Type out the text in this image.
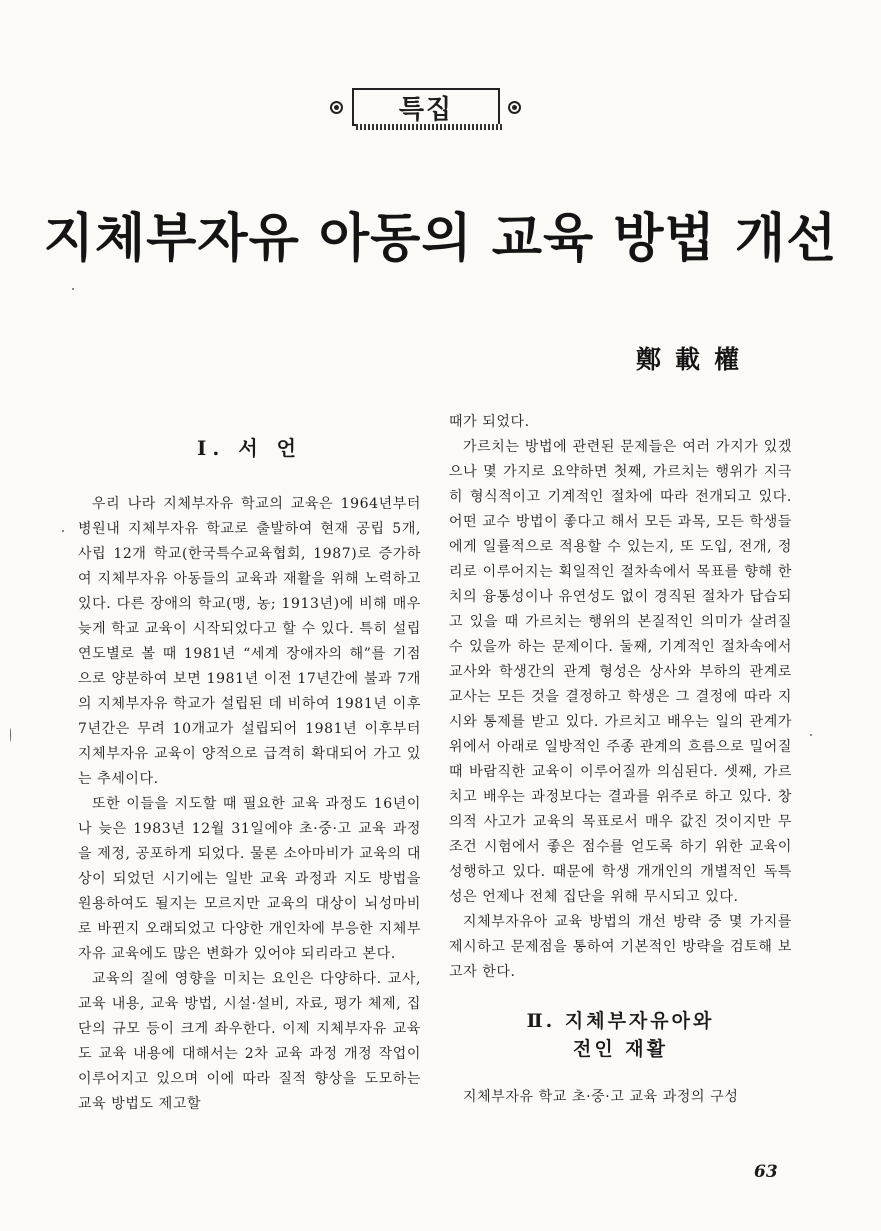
특집
지체부자유 아동의 교육 방법 개선
鄭載權
Ⅰ. 서 언

우리 나라 지체부자유 학교의 교육은 1964년부터 병원내 지체부자유 학교로 출발하여 현재 공립 5개, 사립 12개 학교(한국특수교육협회, 1987)로 증가하여 지체부자유 아동들의 교육과 재활을 위해 노력하고 있다. 다른 장애의 학교(맹, 농; 1913년)에 비해 매우 늦게 학교 교육이 시작되었다고 할 수 있다. 특히 설립 연도별로 볼 때 1981년 “세계 장애자의 해”를 기점으로 양분하여 보면 1981년 이전 17년간에 불과 7개의 지체부자유 학교가 설립된 데 비하여 1981년 이후 7년간은 무려 10개교가 설립되어 1981년 이후부터 지체부자유 교육이 양적으로 급격히 확대되어 가고 있는 추세이다.

또한 이들을 지도할 때 필요한 교육 과정도 16년이나 늦은 1983년 12월 31일에야 초·중·고 교육 과정을 제정, 공포하게 되었다. 물론 소아마비가 교육의 대상이 되었던 시기에는 일반 교육 과정과 지도 방법을 원용하여도 될지는 모르지만 교육의 대상이 뇌성마비로 바뀐지 오래되었고 다양한 개인차에 부응한 지체부자유 교육에도 많은 변화가 있어야 되리라고 본다.

교육의 질에 영향을 미치는 요인은 다양하다. 교사, 교육 내용, 교육 방법, 시설·설비, 자료, 평가 체제, 집단의 규모 등이 크게 좌우한다. 이제 지체부자유 교육도 교육 내용에 대해서는 2차 교육 과정 개정 작업이 이루어지고 있으며 이에 따라 질적 향상을 도모하는 교육 방법도 제고할

때가 되었다.

가르치는 방법에 관련된 문제들은 여러 가지가 있겠으나 몇 가지로 요약하면 첫째, 가르치는 행위가 지극히 형식적이고 기계적인 절차에 따라 전개되고 있다. 어떤 교수 방법이 좋다고 해서 모든 과목, 모든 학생들에게 일률적으로 적용할 수 있는지, 또 도입, 전개, 정리로 이루어지는 획일적인 절차속에서 목표를 향해 한치의 융통성이나 유연성도 없이 경직된 절차가 답습되고 있을 때 가르치는 행위의 본질적인 의미가 살려질 수 있을까 하는 문제이다. 둘째, 기계적인 절차속에서 교사와 학생간의 관계 형성은 상사와 부하의 관계로 교사는 모든 것을 결정하고 학생은 그 결정에 따라 지시와 통제를 받고 있다. 가르치고 배우는 일의 관계가 위에서 아래로 일방적인 주종 관계의 흐름으로 밀어질 때 바람직한 교육이 이루어질까 의심된다. 셋째, 가르치고 배우는 과정보다는 결과를 위주로 하고 있다. 창의적 사고가 교육의 목표로서 매우 값진 것이지만 무조건 시험에서 좋은 점수를 얻도록 하기 위한 교육이 성행하고 있다. 때문에 학생 개개인의 개별적인 독특성은 언제나 전체 집단을 위해 무시되고 있다.

지체부자유아 교육 방법의 개선 방략 중 몇 가지를 제시하고 문제점을 통하여 기본적인 방략을 검토해 보고자 한다.

Ⅱ. 지체부자유아와
전인 재활

지체부자유 학교 초·중·고 교육 과정의 구성

63
